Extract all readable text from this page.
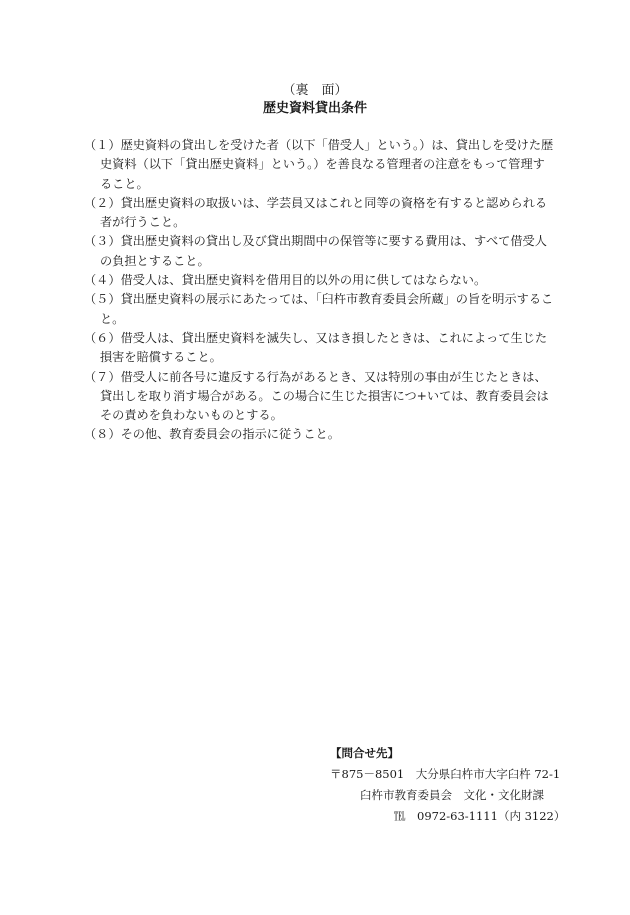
（裏　面）
歴史資料貸出条件
（１）歴史資料の貸出しを受けた者（以下「借受人」という。）は、貸出しを受けた歴史資料（以下「貸出歴史資料」という。）を善良なる管理者の注意をもって管理すること。
（２）貸出歴史資料の取扱いは、学芸員又はこれと同等の資格を有すると認められる者が行うこと。
（３）貸出歴史資料の貸出し及び貸出期間中の保管等に要する費用は、すべて借受人の負担とすること。
（４）借受人は、貸出歴史資料を借用目的以外の用に供してはならない。
（５）貸出歴史資料の展示にあたっては、「臼杵市教育委員会所蔵」の旨を明示すること。
（６）借受人は、貸出歴史資料を滅失し、又はき損したときは、これによって生じた損害を賠償すること。
（７）借受人に前各号に違反する行為があるとき、又は特別の事由が生じたときは、貸出しを取り消す場合がある。この場合に生じた損害につ+いては、教育委員会はその責めを負わないものとする。
（８）その他、教育委員会の指示に従うこと。
【問合せ先】
〒875－8501　大分県臼杵市大字臼杵 72-1
臼杵市教育委員会　文化・文化財課
℡　0972-63-1111（内 3122）
